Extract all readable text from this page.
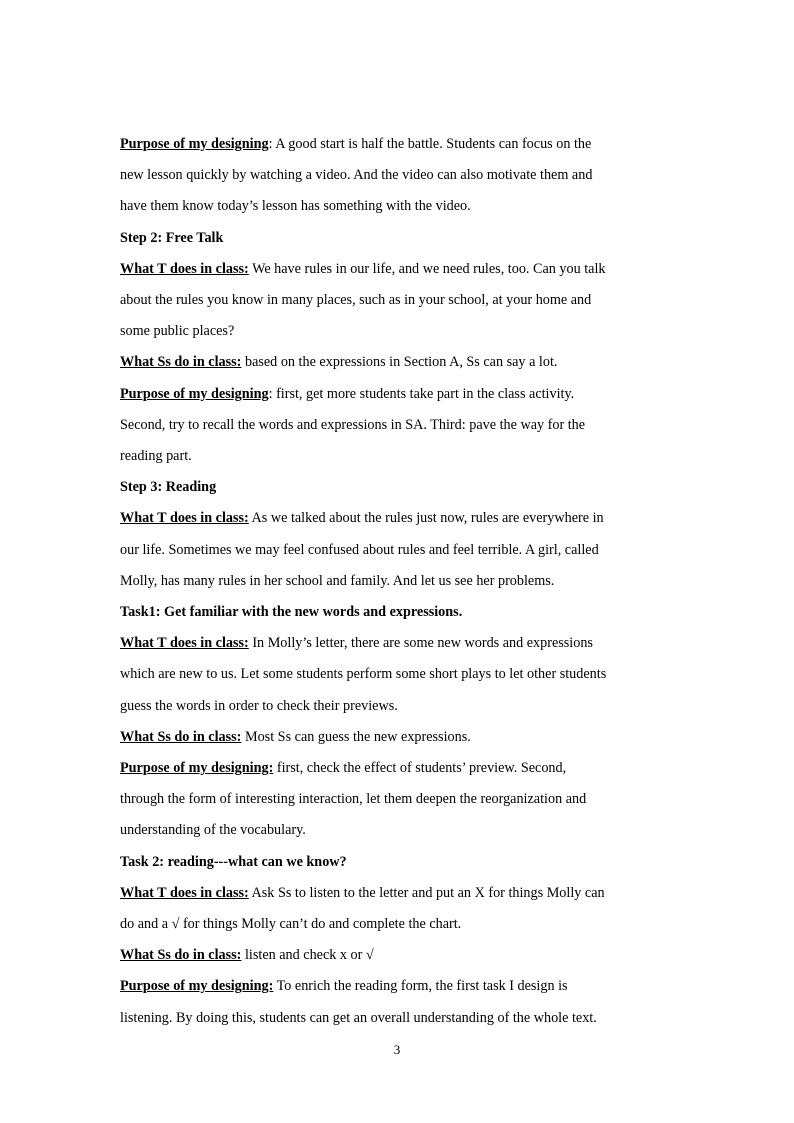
Purpose of my designing: A good start is half the battle. Students can focus on the
new lesson quickly by watching a video. And the video can also motivate them and
have them know today’s lesson has something with the video.
Step 2: Free Talk
What T does in class: We have rules in our life, and we need rules, too. Can you talk
about the rules you know in many places, such as in your school, at your home and
some public places?
What Ss do in class: based on the expressions in Section A, Ss can say a lot.
Purpose of my designing: first, get more students take part in the class activity.
Second, try to recall the words and expressions in SA. Third: pave the way for the
reading part.
Step 3: Reading
What T does in class: As we talked about the rules just now, rules are everywhere in
our life. Sometimes we may feel confused about rules and feel terrible. A girl, called
Molly, has many rules in her school and family. And let us see her problems.
Task1: Get familiar with the new words and expressions.
What T does in class: In Molly’s letter, there are some new words and expressions
which are new to us. Let some students perform some short plays to let other students
guess the words in order to check their previews.
What Ss do in class: Most Ss can guess the new expressions.
Purpose of my designing: first, check the effect of students’ preview. Second,
through the form of interesting interaction, let them deepen the reorganization and
understanding of the vocabulary.
Task 2: reading---what can we know?
What T does in class: Ask Ss to listen to the letter and put an X for things Molly can
do and a √ for things Molly can’t do and complete the chart.
What Ss do in class: listen and check x or √
Purpose of my designing: To enrich the reading form, the first task I design is
listening. By doing this, students can get an overall understanding of the whole text.
3
